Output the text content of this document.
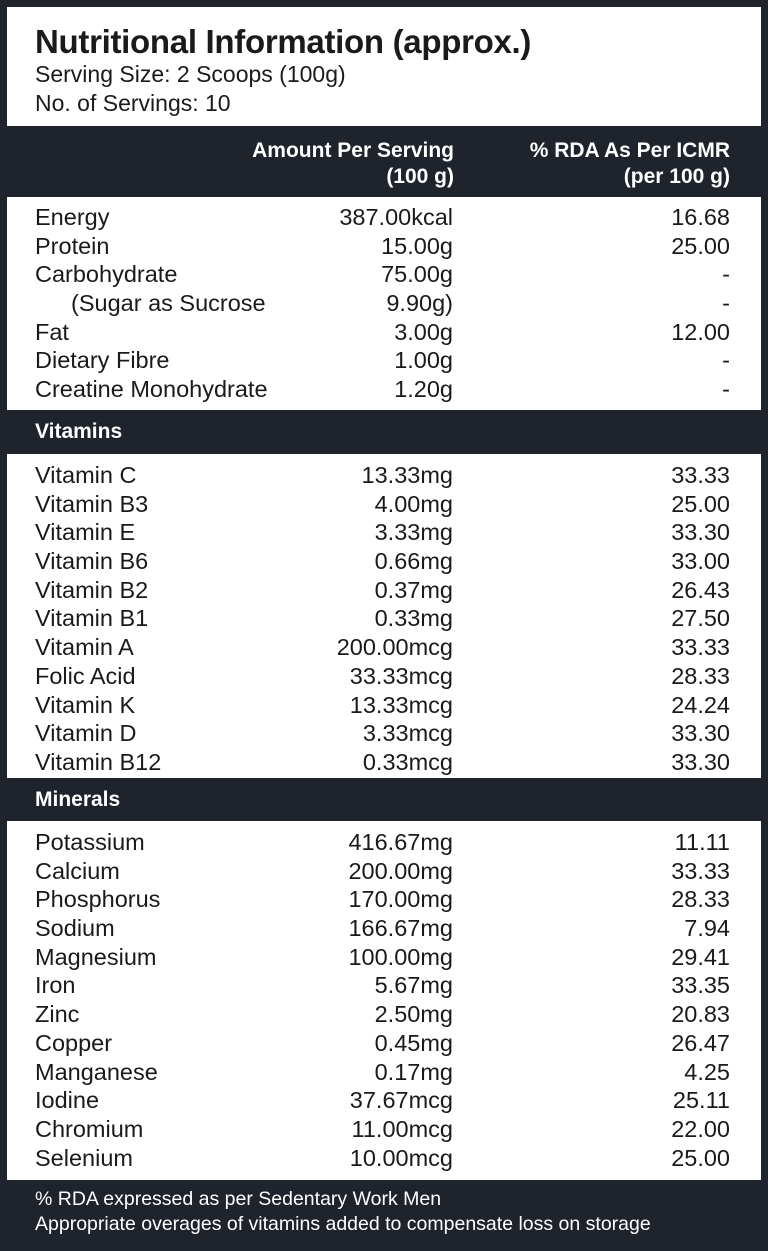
Nutritional Information (approx.)
Serving Size: 2 Scoops (100g)
No. of Servings: 10
Amount Per Serving
(100 g)
% RDA As Per ICMR
(per 100 g)
Energy	387.00kcal	16.68
Protein	15.00g	25.00
Carbohydrate	75.00g	-
(Sugar as Sucrose	9.90g)	-
Fat	3.00g	12.00
Dietary Fibre	1.00g	-
Creatine Monohydrate	1.20g	-
Vitamins
Vitamin C	13.33mg	33.33
Vitamin B3	4.00mg	25.00
Vitamin E	3.33mg	33.30
Vitamin B6	0.66mg	33.00
Vitamin B2	0.37mg	26.43
Vitamin B1	0.33mg	27.50
Vitamin A	200.00mcg	33.33
Folic Acid	33.33mcg	28.33
Vitamin K	13.33mcg	24.24
Vitamin D	3.33mcg	33.30
Vitamin B12	0.33mcg	33.30
Minerals
Potassium	416.67mg	11.11
Calcium	200.00mg	33.33
Phosphorus	170.00mg	28.33
Sodium	166.67mg	7.94
Magnesium	100.00mg	29.41
Iron	5.67mg	33.35
Zinc	2.50mg	20.83
Copper	0.45mg	26.47
Manganese	0.17mg	4.25
Iodine	37.67mcg	25.11
Chromium	11.00mcg	22.00
Selenium	10.00mcg	25.00
% RDA expressed as per Sedentary Work Men
Appropriate overages of vitamins added to compensate loss on storage
